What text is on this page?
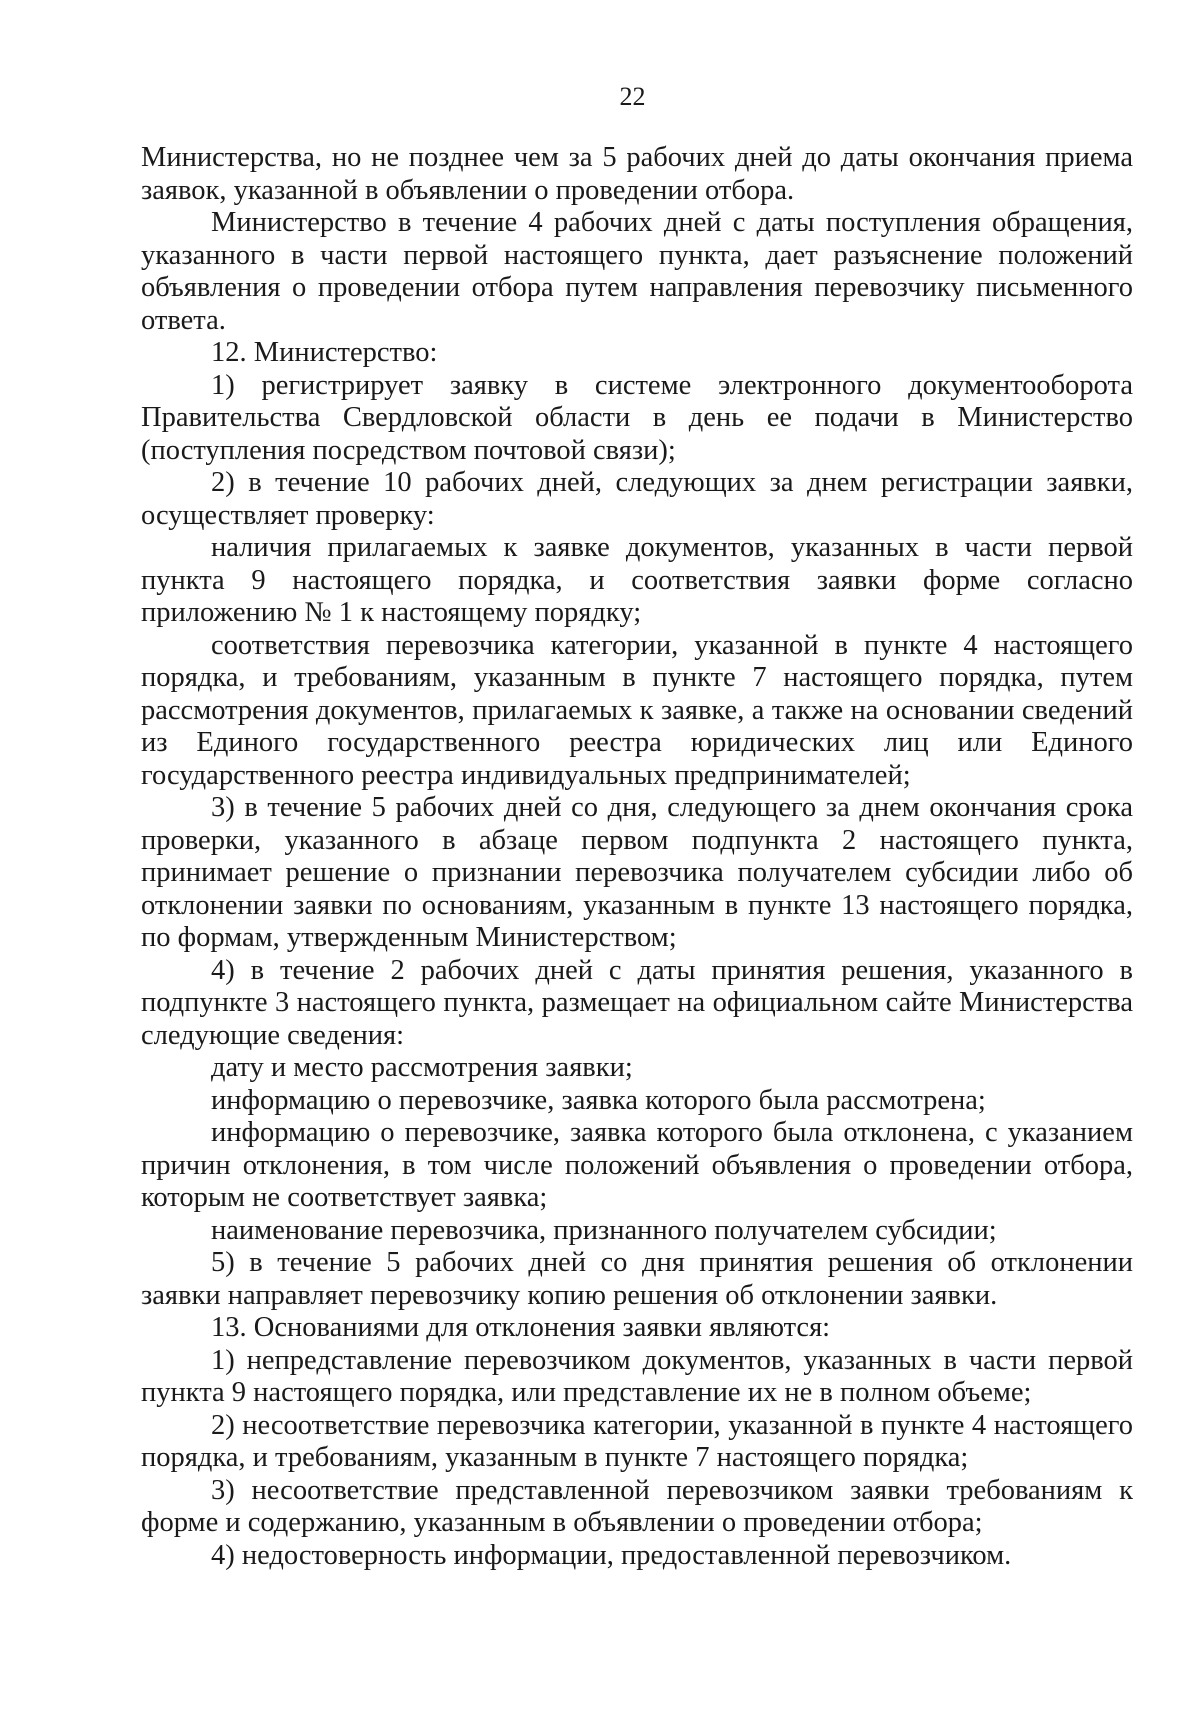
22

Министерства, но не позднее чем за 5 рабочих дней до даты окончания приема заявок, указанной в объявлении о проведении отбора.

Министерство в течение 4 рабочих дней с даты поступления обращения, указанного в части первой настоящего пункта, дает разъяснение положений объявления о проведении отбора путем направления перевозчику письменного ответа.

12. Министерство:

1) регистрирует заявку в системе электронного документооборота Правительства Свердловской области в день ее подачи в Министерство (поступления посредством почтовой связи);

2) в течение 10 рабочих дней, следующих за днем регистрации заявки, осуществляет проверку:

наличия прилагаемых к заявке документов, указанных в части первой пункта 9 настоящего порядка, и соответствия заявки форме согласно приложению № 1 к настоящему порядку;

соответствия перевозчика категории, указанной в пункте 4 настоящего порядка, и требованиям, указанным в пункте 7 настоящего порядка, путем рассмотрения документов, прилагаемых к заявке, а также на основании сведений из Единого государственного реестра юридических лиц или Единого государственного реестра индивидуальных предпринимателей;

3) в течение 5 рабочих дней со дня, следующего за днем окончания срока проверки, указанного в абзаце первом подпункта 2 настоящего пункта, принимает решение о признании перевозчика получателем субсидии либо об отклонении заявки по основаниям, указанным в пункте 13 настоящего порядка, по формам, утвержденным Министерством;

4) в течение 2 рабочих дней с даты принятия решения, указанного в подпункте 3 настоящего пункта, размещает на официальном сайте Министерства следующие сведения:

дату и место рассмотрения заявки;

информацию о перевозчике, заявка которого была рассмотрена;

информацию о перевозчике, заявка которого была отклонена, с указанием причин отклонения, в том числе положений объявления о проведении отбора, которым не соответствует заявка;

наименование перевозчика, признанного получателем субсидии;

5) в течение 5 рабочих дней со дня принятия решения об отклонении заявки направляет перевозчику копию решения об отклонении заявки.

13. Основаниями для отклонения заявки являются:

1) непредставление перевозчиком документов, указанных в части первой пункта 9 настоящего порядка, или представление их не в полном объеме;

2) несоответствие перевозчика категории, указанной в пункте 4 настоящего порядка, и требованиям, указанным в пункте 7 настоящего порядка;

3) несоответствие представленной перевозчиком заявки требованиям к форме и содержанию, указанным в объявлении о проведении отбора;

4) недостоверность информации, предоставленной перевозчиком.
